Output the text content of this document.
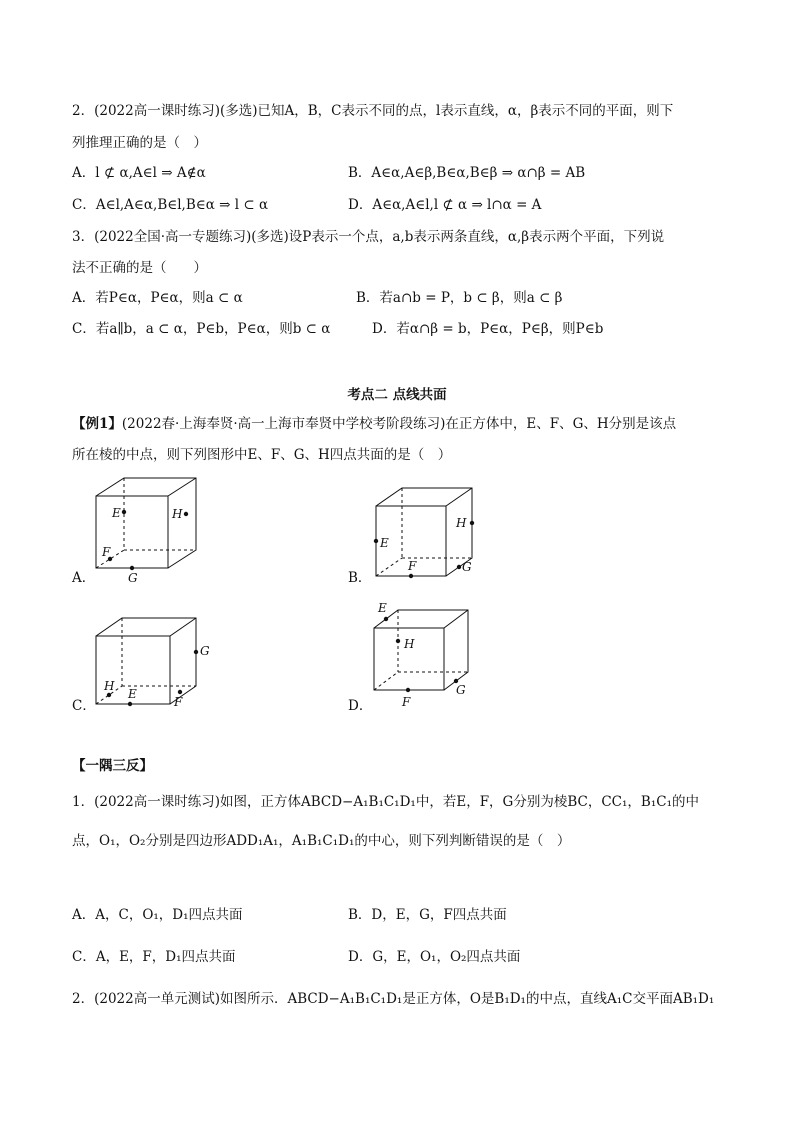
2．(2022高一课时练习)(多选)已知A，B，C表示不同的点，l表示直线，α，β表示不同的平面，则下
列推理正确的是（　）
A．l ⊄ α,A∈l ⇒ A∉α	B．A∈α,A∈β,B∈α,B∈β ⇒ α∩β = AB
C．A∈l,A∈α,B∈l,B∈α ⇒ l ⊂ α	D．A∈α,A∈l,l ⊄ α ⇒ l∩α = A
3．(2022全国·高一专题练习)(多选)设P表示一个点，a,b表示两条直线，α,β表示两个平面，下列说
法不正确的是（　　）
A．若P∈α，P∈α，则a ⊂ α	B．若a∩b = P，b ⊂ β，则a ⊂ β
C．若a∥b，a ⊂ α，P∈b，P∈α，则b ⊂ α	D．若α∩β = b，P∈α，P∈β，则P∈b
考点二 点线共面
【例1】(2022春·上海奉贤·高一上海市奉贤中学校考阶段练习)在正方体中，E、F、G、H分别是该点
所在棱的中点，则下列图形中E、F、G、H四点共面的是（　）
A．
E	H
F
G	B．
E
H
F	G
C．
G
H
E
F	D．
E
H
F
G
【一隅三反】
1．(2022高一课时练习)如图，正方体ABCD−A₁B₁C₁D₁中，若E，F，G分别为棱BC，CC₁，B₁C₁的中
点，O₁，O₂分别是四边形ADD₁A₁，A₁B₁C₁D₁的中心，则下列判断错误的是（　）
A．A，C，O₁，D₁四点共面	B．D，E，G，F四点共面
C．A，E，F，D₁四点共面	D．G，E，O₁，O₂四点共面
2．(2022高一单元测试)如图所示．ABCD−A₁B₁C₁D₁是正方体，O是B₁D₁的中点，直线A₁C交平面AB₁D₁
